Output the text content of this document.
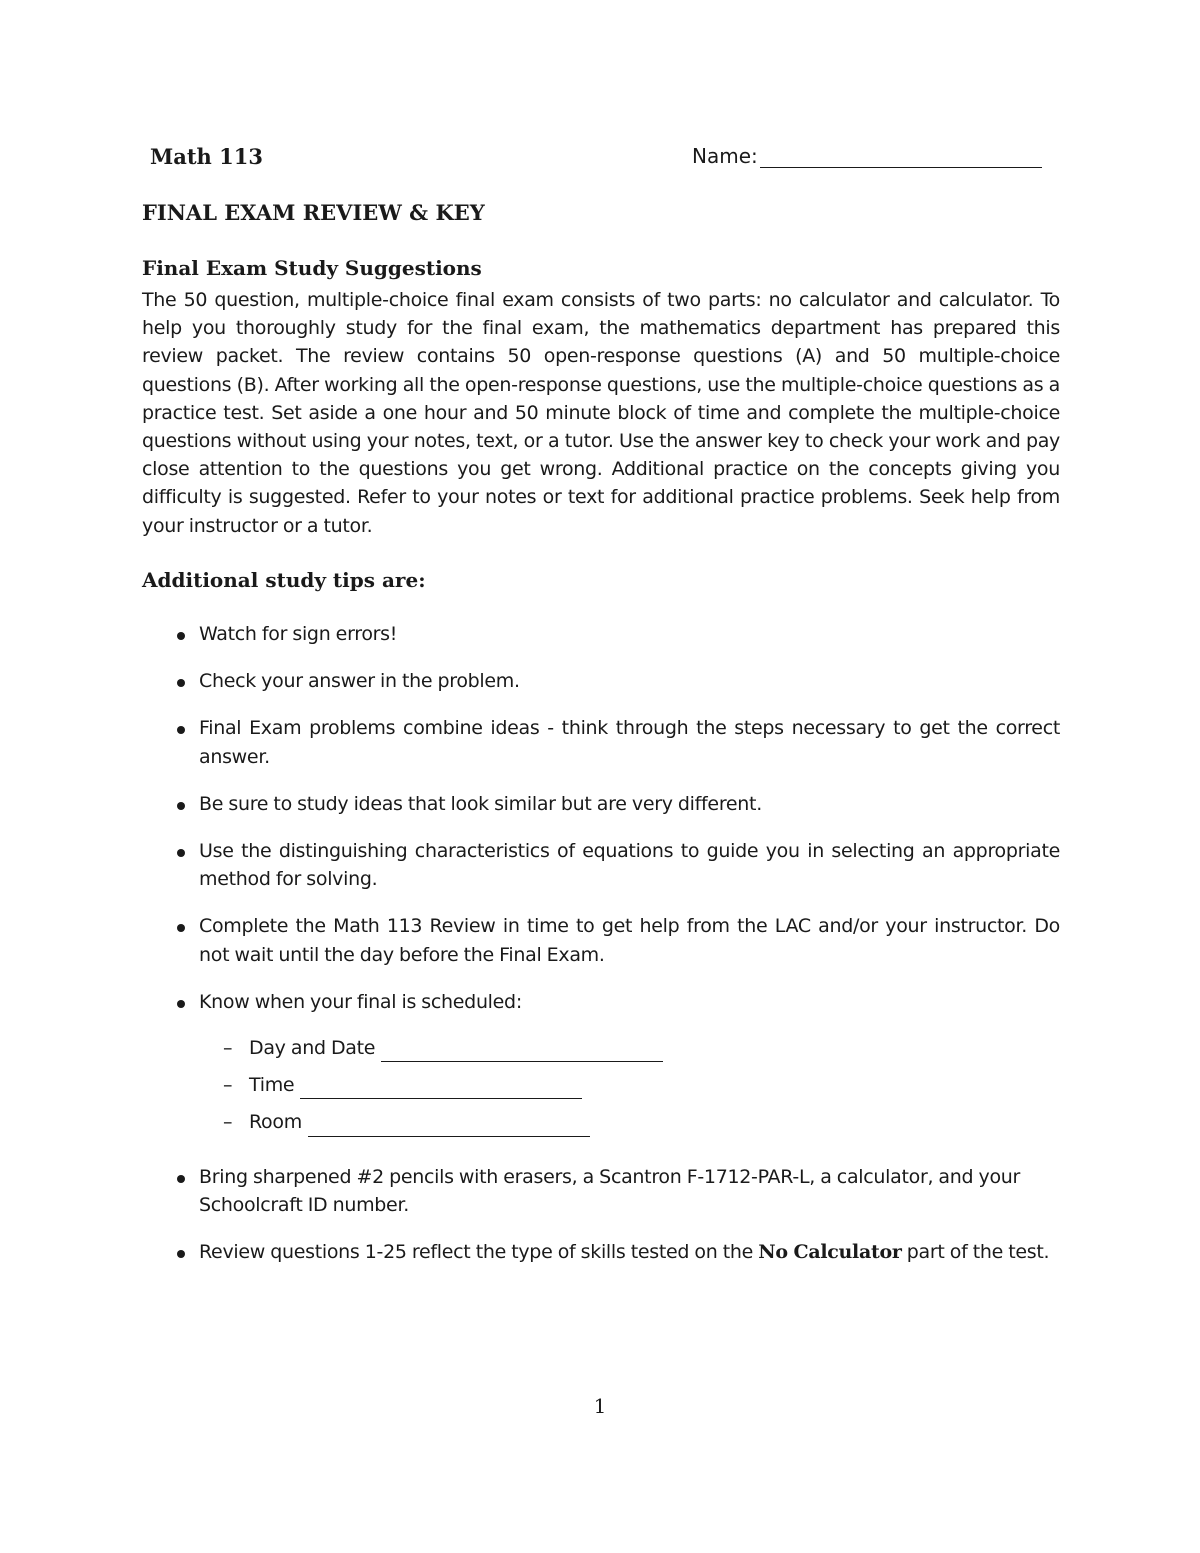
Math 113	Name:
FINAL EXAM REVIEW & KEY
Final Exam Study Suggestions

The 50 question, multiple-choice final exam consists of two parts: no calculator and calculator. To help you thoroughly study for the final exam, the mathematics department has prepared this review packet. The review contains 50 open-response questions (A) and 50 multiple-choice questions (B). After working all the open-response questions, use the multiple-choice questions as a practice test. Set aside a one hour and 50 minute block of time and complete the multiple-choice questions without using your notes, text, or a tutor. Use the answer key to check your work and pay close attention to the questions you get wrong. Additional practice on the concepts giving you difficulty is suggested. Refer to your notes or text for additional practice problems. Seek help from your instructor or a tutor.

Additional study tips are:
Watch for sign errors!
Check your answer in the problem.
Final Exam problems combine ideas - think through the steps necessary to get the correct answer.
Be sure to study ideas that look similar but are very different.
Use the distinguishing characteristics of equations to guide you in selecting an appropriate method for solving.
Complete the Math 113 Review in time to get help from the LAC and/or your instructor. Do not wait until the day before the Final Exam.
Know when your final is scheduled:
– Day and Date
– Time
– Room
Bring sharpened #2 pencils with erasers, a Scantron F-1712-PAR-L, a calculator, and your Schoolcraft ID number.
Review questions 1-25 reflect the type of skills tested on the No Calculator part of the test.
1
